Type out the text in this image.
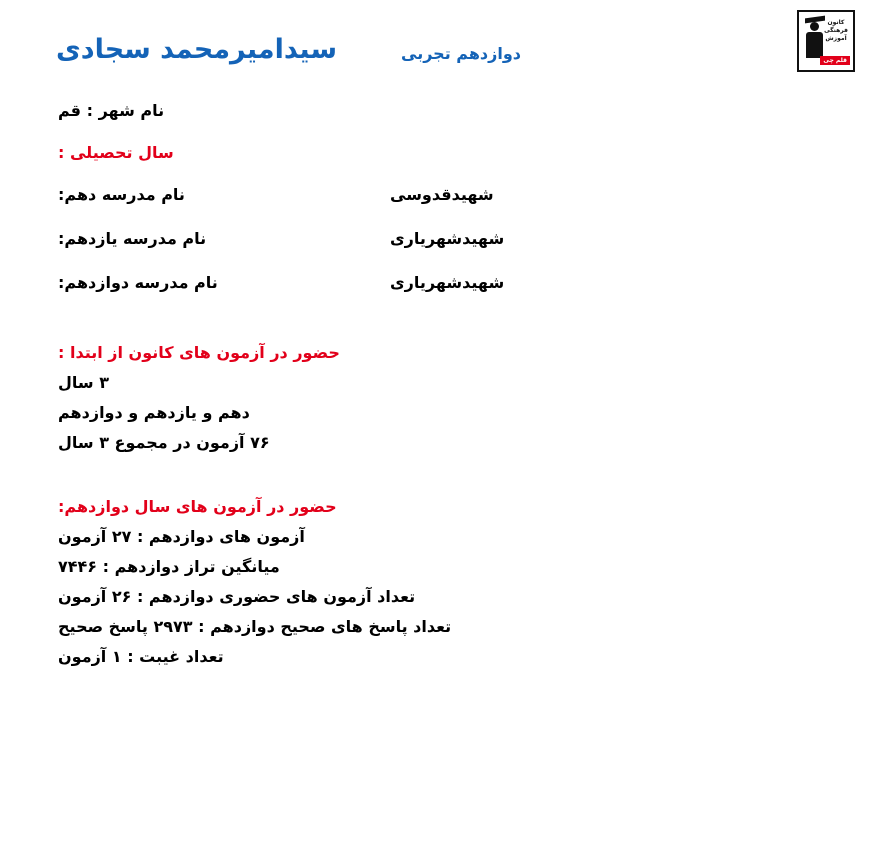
کانون
فرهنگی
آموزش
قلم چی
سیدامیرمحمد سجادی	دوازدهم تجربی
نام شهر : قم
سال تحصیلی :
نام مدرسه دهم:	شهیدقدوسی
نام مدرسه یازدهم:	شهیدشهریاری
نام مدرسه دوازدهم:	شهیدشهریاری
حضور در آزمون های کانون از ابتدا :
۳ سال
دهم و یازدهم و دوازدهم
۷۶ آزمون در مجموع ۳ سال
حضور در آزمون های سال دوازدهم:
آزمون های دوازدهم : ۲۷ آزمون
میانگین تراز دوازدهم : ۷۴۴۶
تعداد آزمون های حضوری دوازدهم : ۲۶ آزمون
تعداد پاسخ های صحیح دوازدهم : ۲۹۷۳ پاسخ صحیح
تعداد غیبت : ۱ آزمون
